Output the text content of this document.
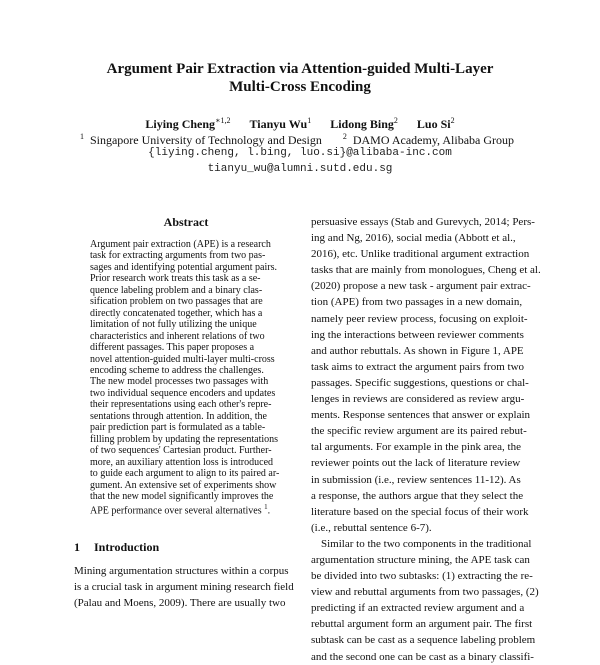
Argument Pair Extraction via Attention-guided Multi-Layer
Multi-Cross Encoding
Liying Cheng$^{∗1,2}$ Tianyu Wu$^1$ Lidong Bing$^2$ Luo Si$^2$
$^1$ Singapore University of Technology and Design	$^2$ DAMO Academy, Alibaba Group
{liying.cheng, l.bing, luo.si}@alibaba-inc.com
tianyu_wu@alumni.sutd.edu.sg
Abstract
Argument pair extraction (APE) is a research
task for extracting arguments from two pas-
sages and identifying potential argument pairs.
Prior research work treats this task as a se-
quence labeling problem and a binary clas-
sification problem on two passages that are
directly concatenated together, which has a
limitation of not fully utilizing the unique
characteristics and inherent relations of two
different passages. This paper proposes a
novel attention-guided multi-layer multi-cross
encoding scheme to address the challenges.
The new model processes two passages with
two individual sequence encoders and updates
their representations using each other's repre-
sentations through attention. In addition, the
pair prediction part is formulated as a table-
filling problem by updating the representations
of two sequences' Cartesian product. Further-
more, an auxiliary attention loss is introduced
to guide each argument to align to its paired ar-
gument. An extensive set of experiments show
that the new model significantly improves the
APE performance over several alternatives $^1$.
1 Introduction
Mining argumentation structures within a corpus
is a crucial task in argument mining research field
(Palau and Moens, 2009). There are usually two
persuasive essays (Stab and Gurevych, 2014; Pers-
ing and Ng, 2016), social media (Abbott et al.,
2016), etc. Unlike traditional argument extraction
tasks that are mainly from monologues, Cheng et al.
(2020) propose a new task - argument pair extrac-
tion (APE) from two passages in a new domain,
namely peer review process, focusing on exploit-
ing the interactions between reviewer comments
and author rebuttals. As shown in Figure 1, APE
task aims to extract the argument pairs from two
passages. Specific suggestions, questions or chal-
lenges in reviews are considered as review argu-
ments. Response sentences that answer or explain
the specific review argument are its paired rebut-
tal arguments. For example in the pink area, the
reviewer points out the lack of literature review
in submission (i.e., review sentences 11-12). As
a response, the authors argue that they select the
literature based on the special focus of their work
(i.e., rebuttal sentence 6-7).
Similar to the two components in the traditional
argumentation structure mining, the APE task can
be divided into two subtasks: (1) extracting the re-
view and rebuttal arguments from two passages, (2)
predicting if an extracted review argument and a
rebuttal argument form an argument pair. The first
subtask can be cast as a sequence labeling problem
and the second one can be cast as a binary classifi-
